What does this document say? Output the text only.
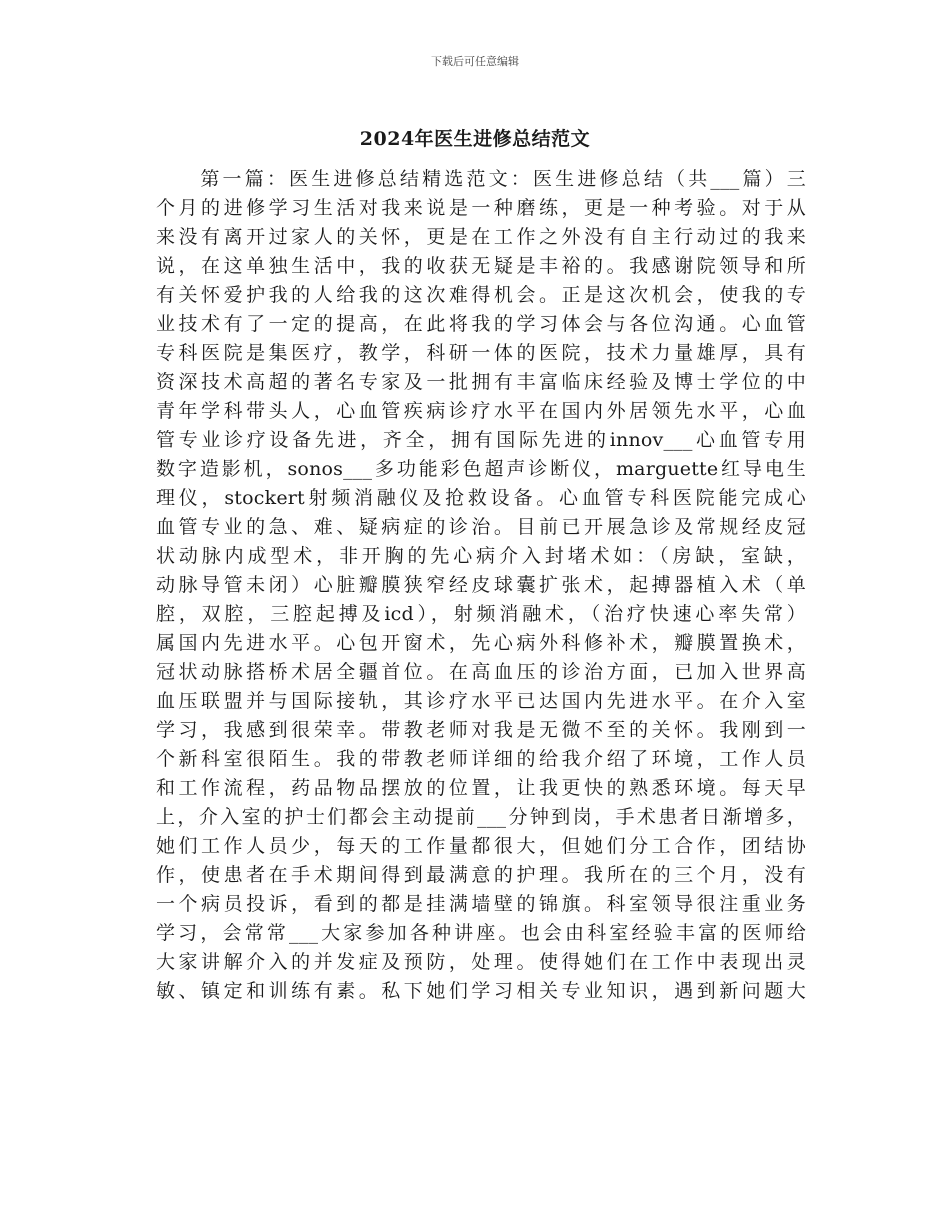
下载后可任意编辑
2024年医生进修总结范文
　　第一篇：医生进修总结精选范文：医生进修总结（共___篇）三
个月的进修学习生活对我来说是一种磨练，更是一种考验。对于从
来没有离开过家人的关怀，更是在工作之外没有自主行动过的我来
说，在这单独生活中，我的收获无疑是丰裕的。我感谢院领导和所
有关怀爱护我的人给我的这次难得机会。正是这次机会，使我的专
业技术有了一定的提高，在此将我的学习体会与各位沟通。心血管
专科医院是集医疗，教学，科研一体的医院，技术力量雄厚，具有
资深技术高超的著名专家及一批拥有丰富临床经验及博士学位的中
青年学科带头人，心血管疾病诊疗水平在国内外居领先水平，心血
管专业诊疗设备先进，齐全，拥有国际先进的innov___心血管专用
数字造影机，sonos___多功能彩色超声诊断仪，marguette红导电生
理仪，stockert射频消融仪及抢救设备。心血管专科医院能完成心
血管专业的急、难、疑病症的诊治。目前已开展急诊及常规经皮冠
状动脉内成型术，非开胸的先心病介入封堵术如：（房缺，室缺，
动脉导管未闭）心脏瓣膜狭窄经皮球囊扩张术，起搏器植入术（单
腔，双腔，三腔起搏及icd），射频消融术，（治疗快速心率失常）
属国内先进水平。心包开窗术，先心病外科修补术，瓣膜置换术，
冠状动脉搭桥术居全疆首位。在高血压的诊治方面，已加入世界高
血压联盟并与国际接轨，其诊疗水平已达国内先进水平。在介入室
学习，我感到很荣幸。带教老师对我是无微不至的关怀。我刚到一
个新科室很陌生。我的带教老师详细的给我介绍了环境，工作人员
和工作流程，药品物品摆放的位置，让我更快的熟悉环境。每天早
上，介入室的护士们都会主动提前___分钟到岗，手术患者日渐增多，
她们工作人员少，每天的工作量都很大，但她们分工合作，团结协
作，使患者在手术期间得到最满意的护理。我所在的三个月，没有
一个病员投诉，看到的都是挂满墙壁的锦旗。科室领导很注重业务
学习，会常常___大家参加各种讲座。也会由科室经验丰富的医师给
大家讲解介入的并发症及预防，处理。使得她们在工作中表现出灵
敏、镇定和训练有素。私下她们学习相关专业知识，遇到新问题大
